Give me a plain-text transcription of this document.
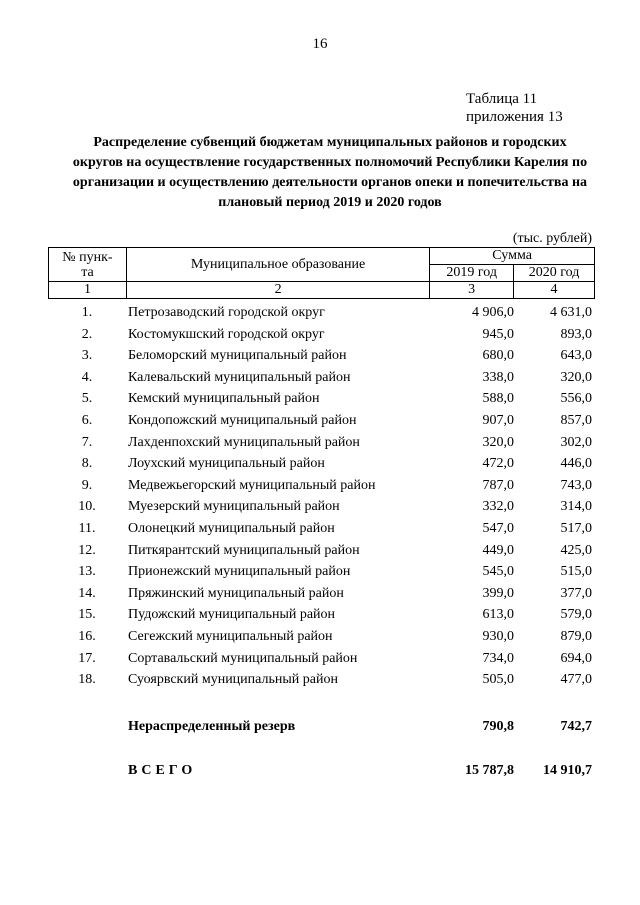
16
Таблица 11
приложения 13
Распределение субвенций бюджетам муниципальных районов и городских округов на осуществление государственных полномочий Республики Карелия по организации и осуществлению деятельности органов опеки и попечительства на плановый период 2019 и 2020 годов
(тыс. рублей)
№ пунк-
та	Муниципальное образование	Сумма	
		2019 год	2020 год
1	2	3	4
1.	Петрозаводский городской округ	4 906,0	4 631,0
2.	Костомукшский городской округ	945,0	893,0
3.	Беломорский муниципальный район	680,0	643,0
4.	Калевальский муниципальный район	338,0	320,0
5.	Кемский муниципальный район	588,0	556,0
6.	Кондопожский муниципальный район	907,0	857,0
7.	Лахденпохский муниципальный район	320,0	302,0
8.	Лоухский муниципальный район	472,0	446,0
9.	Медвежьегорский муниципальный район	787,0	743,0
10.	Муезерский муниципальный район	332,0	314,0
11.	Олонецкий муниципальный район	547,0	517,0
12.	Питкярантский муниципальный район	449,0	425,0
13.	Прионежский муниципальный район	545,0	515,0
14.	Пряжинский муниципальный район	399,0	377,0
15.	Пудожский муниципальный район	613,0	579,0
16.	Сегежский муниципальный район	930,0	879,0
17.	Сортавальский муниципальный район	734,0	694,0
18.	Суоярвский муниципальный район	505,0	477,0
Нераспределенный резерв	790,8	742,7
ВСЕГО	15 787,8	14 910,7
